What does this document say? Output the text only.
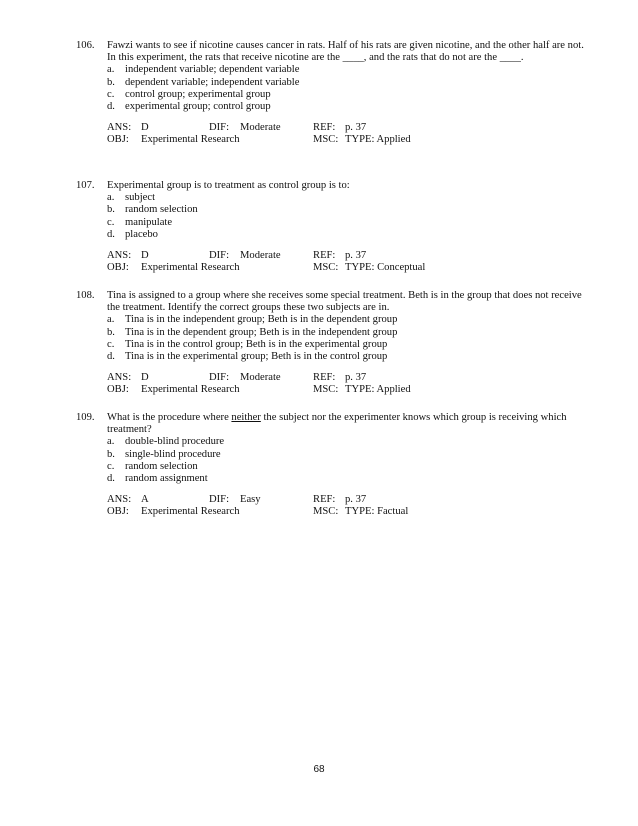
106.	Fawzi wants to see if nicotine causes cancer in rats. Half of his rats are given nicotine, and the other half are not. In this experiment, the rats that receive nicotine are the ____, and the rats that do not are the ____.
a.	independent variable; dependent variable
b. dependent variable; independent variable
c.	control group; experimental group
d. experimental group; control group
ANS: D	DIF:	Moderate	REF: p. 37
OBJ:	Experimental Research	MSC: TYPE: Applied
107.	Experimental group is to treatment as control group is to:
a.	subject
b. random selection
c.	manipulate
d. placebo
ANS: D	DIF:	Moderate	REF: p. 37
OBJ:	Experimental Research	MSC: TYPE: Conceptual
108.	Tina is assigned to a group where she receives some special treatment. Beth is in the group that does not receive the treatment. Identify the correct groups these two subjects are in.
a.	Tina is in the independent group; Beth is in the dependent group
b. Tina is in the dependent group; Beth is in the independent group
c.	Tina is in the control group; Beth is in the experimental group
d. Tina is in the experimental group; Beth is in the control group
ANS: D	DIF:	Moderate	REF: p. 37
OBJ:	Experimental Research	MSC: TYPE: Applied
109.	What is the procedure where neither the subject nor the experimenter knows which group is receiving which treatment?
a.	double-blind procedure
b. single-blind procedure
c.	random selection
d. random assignment
ANS: A	DIF:	Easy	REF: p. 37
OBJ:	Experimental Research	MSC: TYPE: Factual
68
